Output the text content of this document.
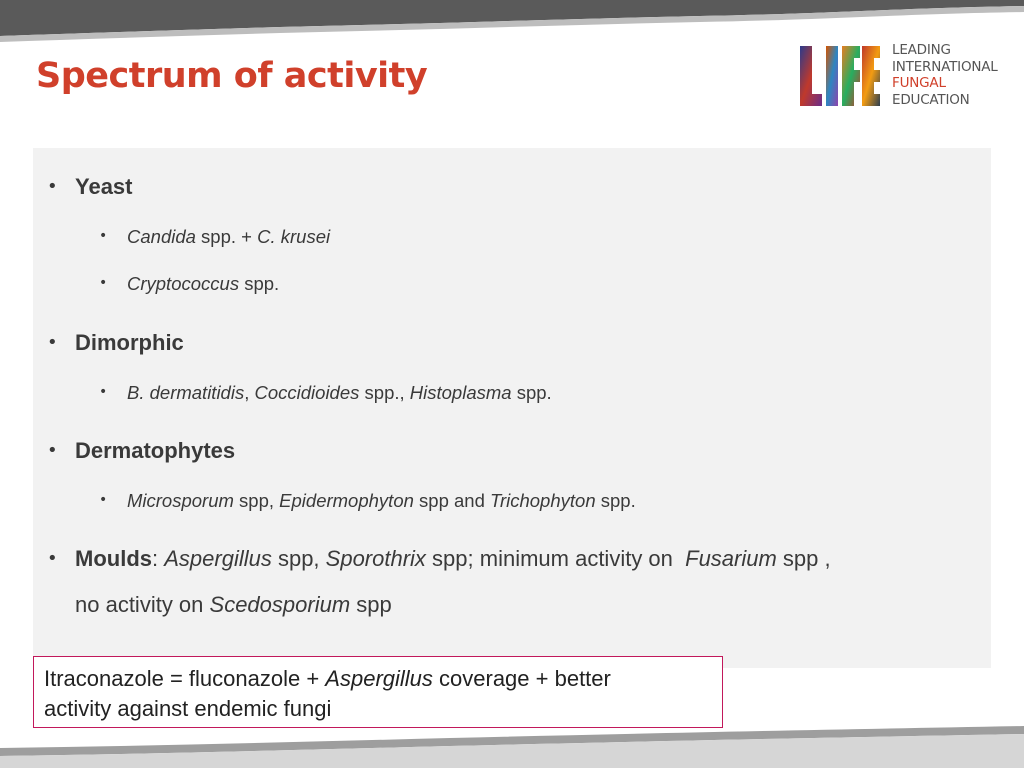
Spectrum of activity
LEADING
INTERNATIONAL
FUNGAL
EDUCATION
• Yeast
• Candida spp. + C. krusei
• Cryptococcus spp.
• Dimorphic
• B. dermatitidis, Coccidioides spp., Histoplasma spp.
• Dermatophytes
• Microsporum spp, Epidermophyton spp and Trichophyton spp.
• Moulds: Aspergillus spp, Sporothrix spp; minimum activity on  Fusarium spp ,
no activity on Scedosporium spp
Itraconazole = fluconazole + Aspergillus coverage + better
activity against endemic fungi
